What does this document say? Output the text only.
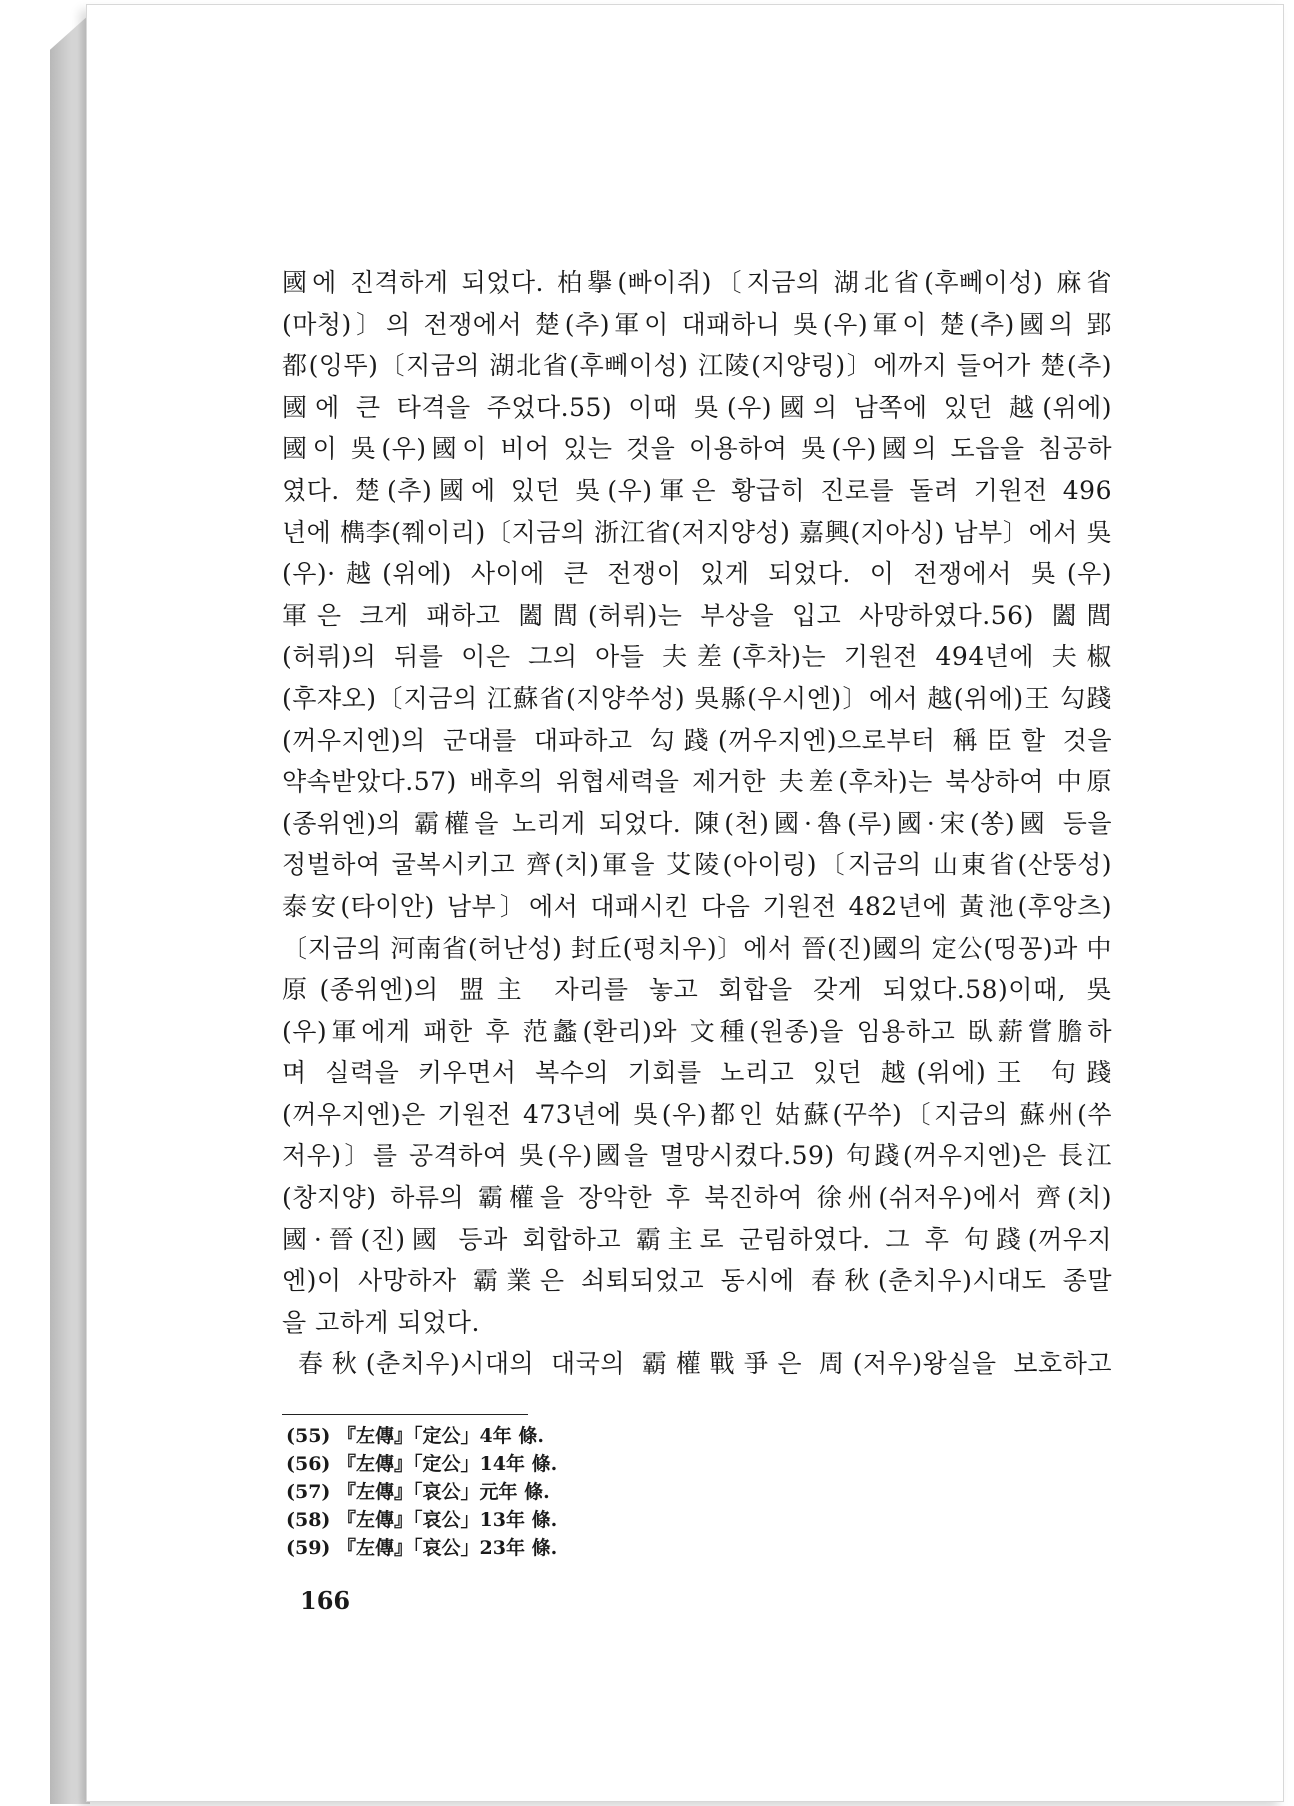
國에 진격하게 되었다. 柏擧(빠이쥐)〔지금의 湖北省(후뻬이성) 麻省
(마청)〕의 전쟁에서 楚(추)軍이 대패하니 吳(우)軍이 楚(추)國의 郢
都(잉뚜)〔지금의 湖北省(후뻬이성) 江陵(지양링)〕에까지 들어가 楚(추)
國에 큰 타격을 주었다.55) 이때 吳(우)國의 남쪽에 있던 越(위에)
國이 吳(우)國이 비어 있는 것을 이용하여 吳(우)國의 도읍을 침공하
였다. 楚(추)國에 있던 吳(우)軍은 황급히 진로를 돌려 기원전 496
년에 檇李(쮀이리)〔지금의 浙江省(저지양성) 嘉興(지아싱) 남부〕에서 吳
(우)·越(위에) 사이에 큰 전쟁이 있게 되었다. 이 전쟁에서 吳(우)
軍은 크게 패하고 闔閭(허뤼)는 부상을 입고 사망하였다.56) 闔閭
(허뤼)의 뒤를 이은 그의 아들 夫差(후차)는 기원전 494년에 夫椒
(후쟈오)〔지금의 江蘇省(지양쑤성) 吳縣(우시엔)〕에서 越(위에)王 勾踐
(꺼우지엔)의 군대를 대파하고 勾踐(꺼우지엔)으로부터 稱臣할 것을
약속받았다.57) 배후의 위협세력을 제거한 夫差(후차)는 북상하여 中原
(종위엔)의 霸權을 노리게 되었다. 陳(천)國·魯(루)國·宋(쏭)國 등을
정벌하여 굴복시키고 齊(치)軍을 艾陵(아이링)〔지금의 山東省(산뚱성)
泰安(타이안) 남부〕에서 대패시킨 다음 기원전 482년에 黃池(후앙츠)
〔지금의 河南省(허난성) 封丘(펑치우)〕에서 晉(진)國의 定公(띵꽁)과 中
原(종위엔)의 盟主 자리를 놓고 회합을 갖게 되었다.58)이때, 吳
(우)軍에게 패한 후 范蠡(환리)와 文種(원종)을 임용하고 臥薪嘗膽하
며 실력을 키우면서 복수의 기회를 노리고 있던 越(위에)王 句踐
(꺼우지엔)은 기원전 473년에 吳(우)都인 姑蘇(꾸쑤)〔지금의 蘇州(쑤
저우)〕를 공격하여 吳(우)國을 멸망시켰다.59) 句踐(꺼우지엔)은 長江
(창지양) 하류의 霸權을 장악한 후 북진하여 徐州(쉬저우)에서 齊(치)
國·晉(진)國 등과 회합하고 霸主로 군림하였다. 그 후 句踐(꺼우지
엔)이 사망하자 霸業은 쇠퇴되었고 동시에 春秋(춘치우)시대도 종말
을 고하게 되었다.
春秋(춘치우)시대의 대국의 霸權戰爭은 周(저우)왕실을 보호하고
(55) 『左傳』「定公」4年 條.
(56) 『左傳』「定公」14年 條.
(57) 『左傳』「哀公」元年 條.
(58) 『左傳』「哀公」13年 條.
(59) 『左傳』「哀公」23年 條.
166
